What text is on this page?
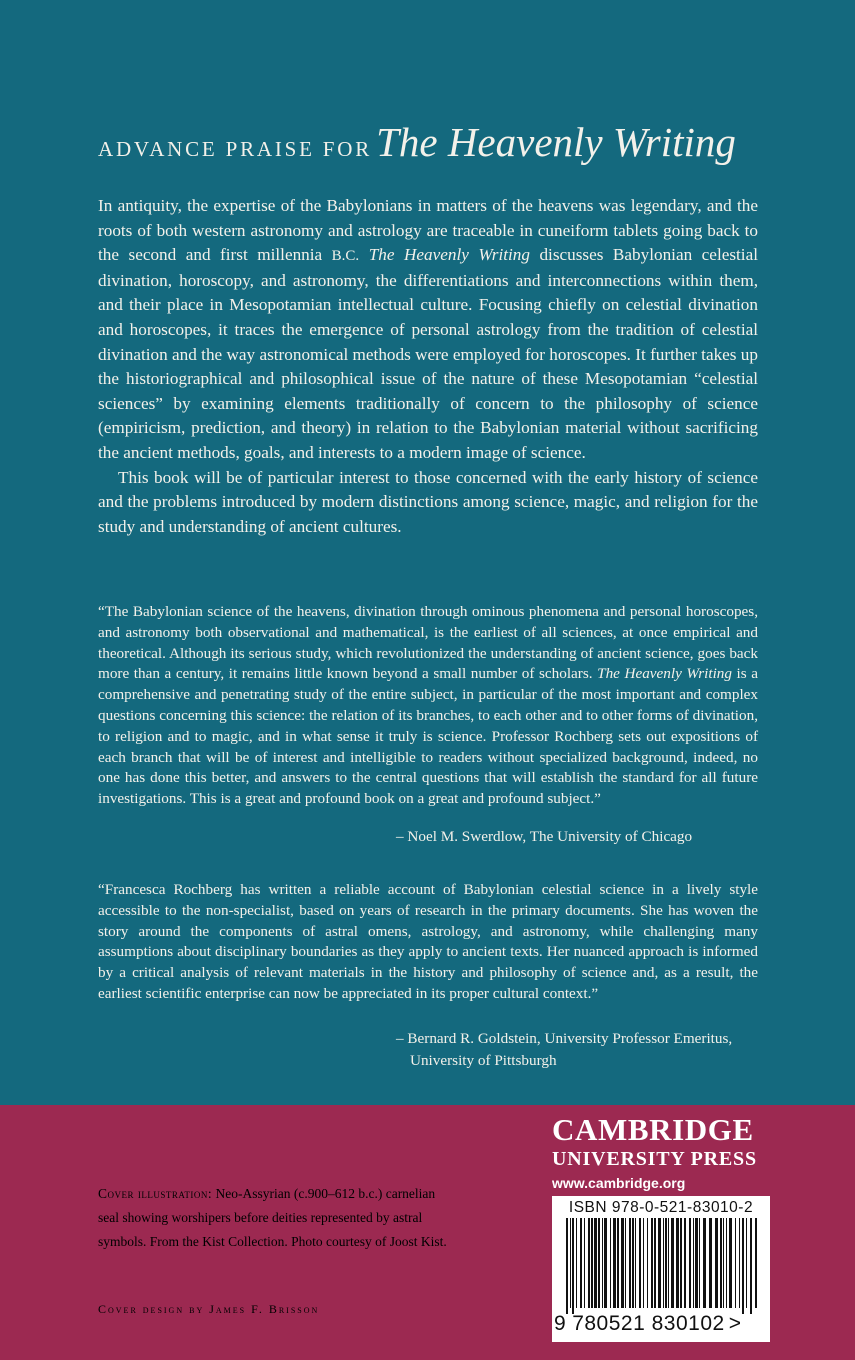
ADVANCE PRAISE FORThe Heavenly Writing

In antiquity, the expertise of the Babylonians in matters of the heavens was legendary, and the roots of both western astronomy and astrology are traceable in cuneiform tablets going back to the second and first millennia B.C. The Heavenly Writing discusses Babylonian celestial divination, horoscopy, and astronomy, the differentiations and interconnections within them, and their place in Mesopotamian intellectual culture. Focusing chiefly on celestial divination and horoscopes, it traces the emergence of personal astrology from the tradition of celestial divination and the way astronomical methods were employed for horoscopes. It further takes up the historiographical and philosophical issue of the nature of these Mesopotamian “celestial sciences” by examining elements traditionally of concern to the philosophy of science (empiricism, prediction, and theory) in relation to the Babylonian material without sacrificing the ancient methods, goals, and interests to a modern image of science.

This book will be of particular interest to those concerned with the early history of science and the problems introduced by modern distinctions among science, magic, and religion for the study and understanding of ancient cultures.

“The Babylonian science of the heavens, divination through ominous phenomena and personal horoscopes, and astronomy both observational and mathematical, is the earliest of all sciences, at once empirical and theoretical. Although its serious study, which revolutionized the understanding of ancient science, goes back more than a century, it remains little known beyond a small number of scholars. The Heavenly Writing is a comprehensive and penetrating study of the entire subject, in particular of the most important and complex questions concerning this science: the relation of its branches, to each other and to other forms of divination, to religion and to magic, and in what sense it truly is science. Professor Rochberg sets out expositions of each branch that will be of interest and intelligible to readers without specialized background, indeed, no one has done this better, and answers to the central questions that will establish the standard for all future investigations. This is a great and profound book on a great and profound subject.”
– Noel M. Swerdlow, The University of Chicago
“Francesca Rochberg has written a reliable account of Babylonian celestial science in a lively style accessible to the non-specialist, based on years of research in the primary documents. She has woven the story around the components of astral omens, astrology, and astronomy, while challenging many assumptions about disciplinary boundaries as they apply to ancient texts. Her nuanced approach is informed by a critical analysis of relevant materials in the history and philosophy of science and, as a result, the earliest scientific enterprise can now be appreciated in its proper cultural context.”
– Bernard R. Goldstein, University Professor Emeritus,
University of Pittsburgh
Cover illustration: Neo-Assyrian (c.900–612 b.c.) carnelian seal showing worshipers before deities represented by astral symbols. From the Kist Collection. Photo courtesy of Joost Kist.
Cover design by James F. Brisson
CAMBRIDGE
UNIVERSITY PRESS
www.cambridge.org
ISBN 978-0-521-83010-2
9 780521 830102 >
